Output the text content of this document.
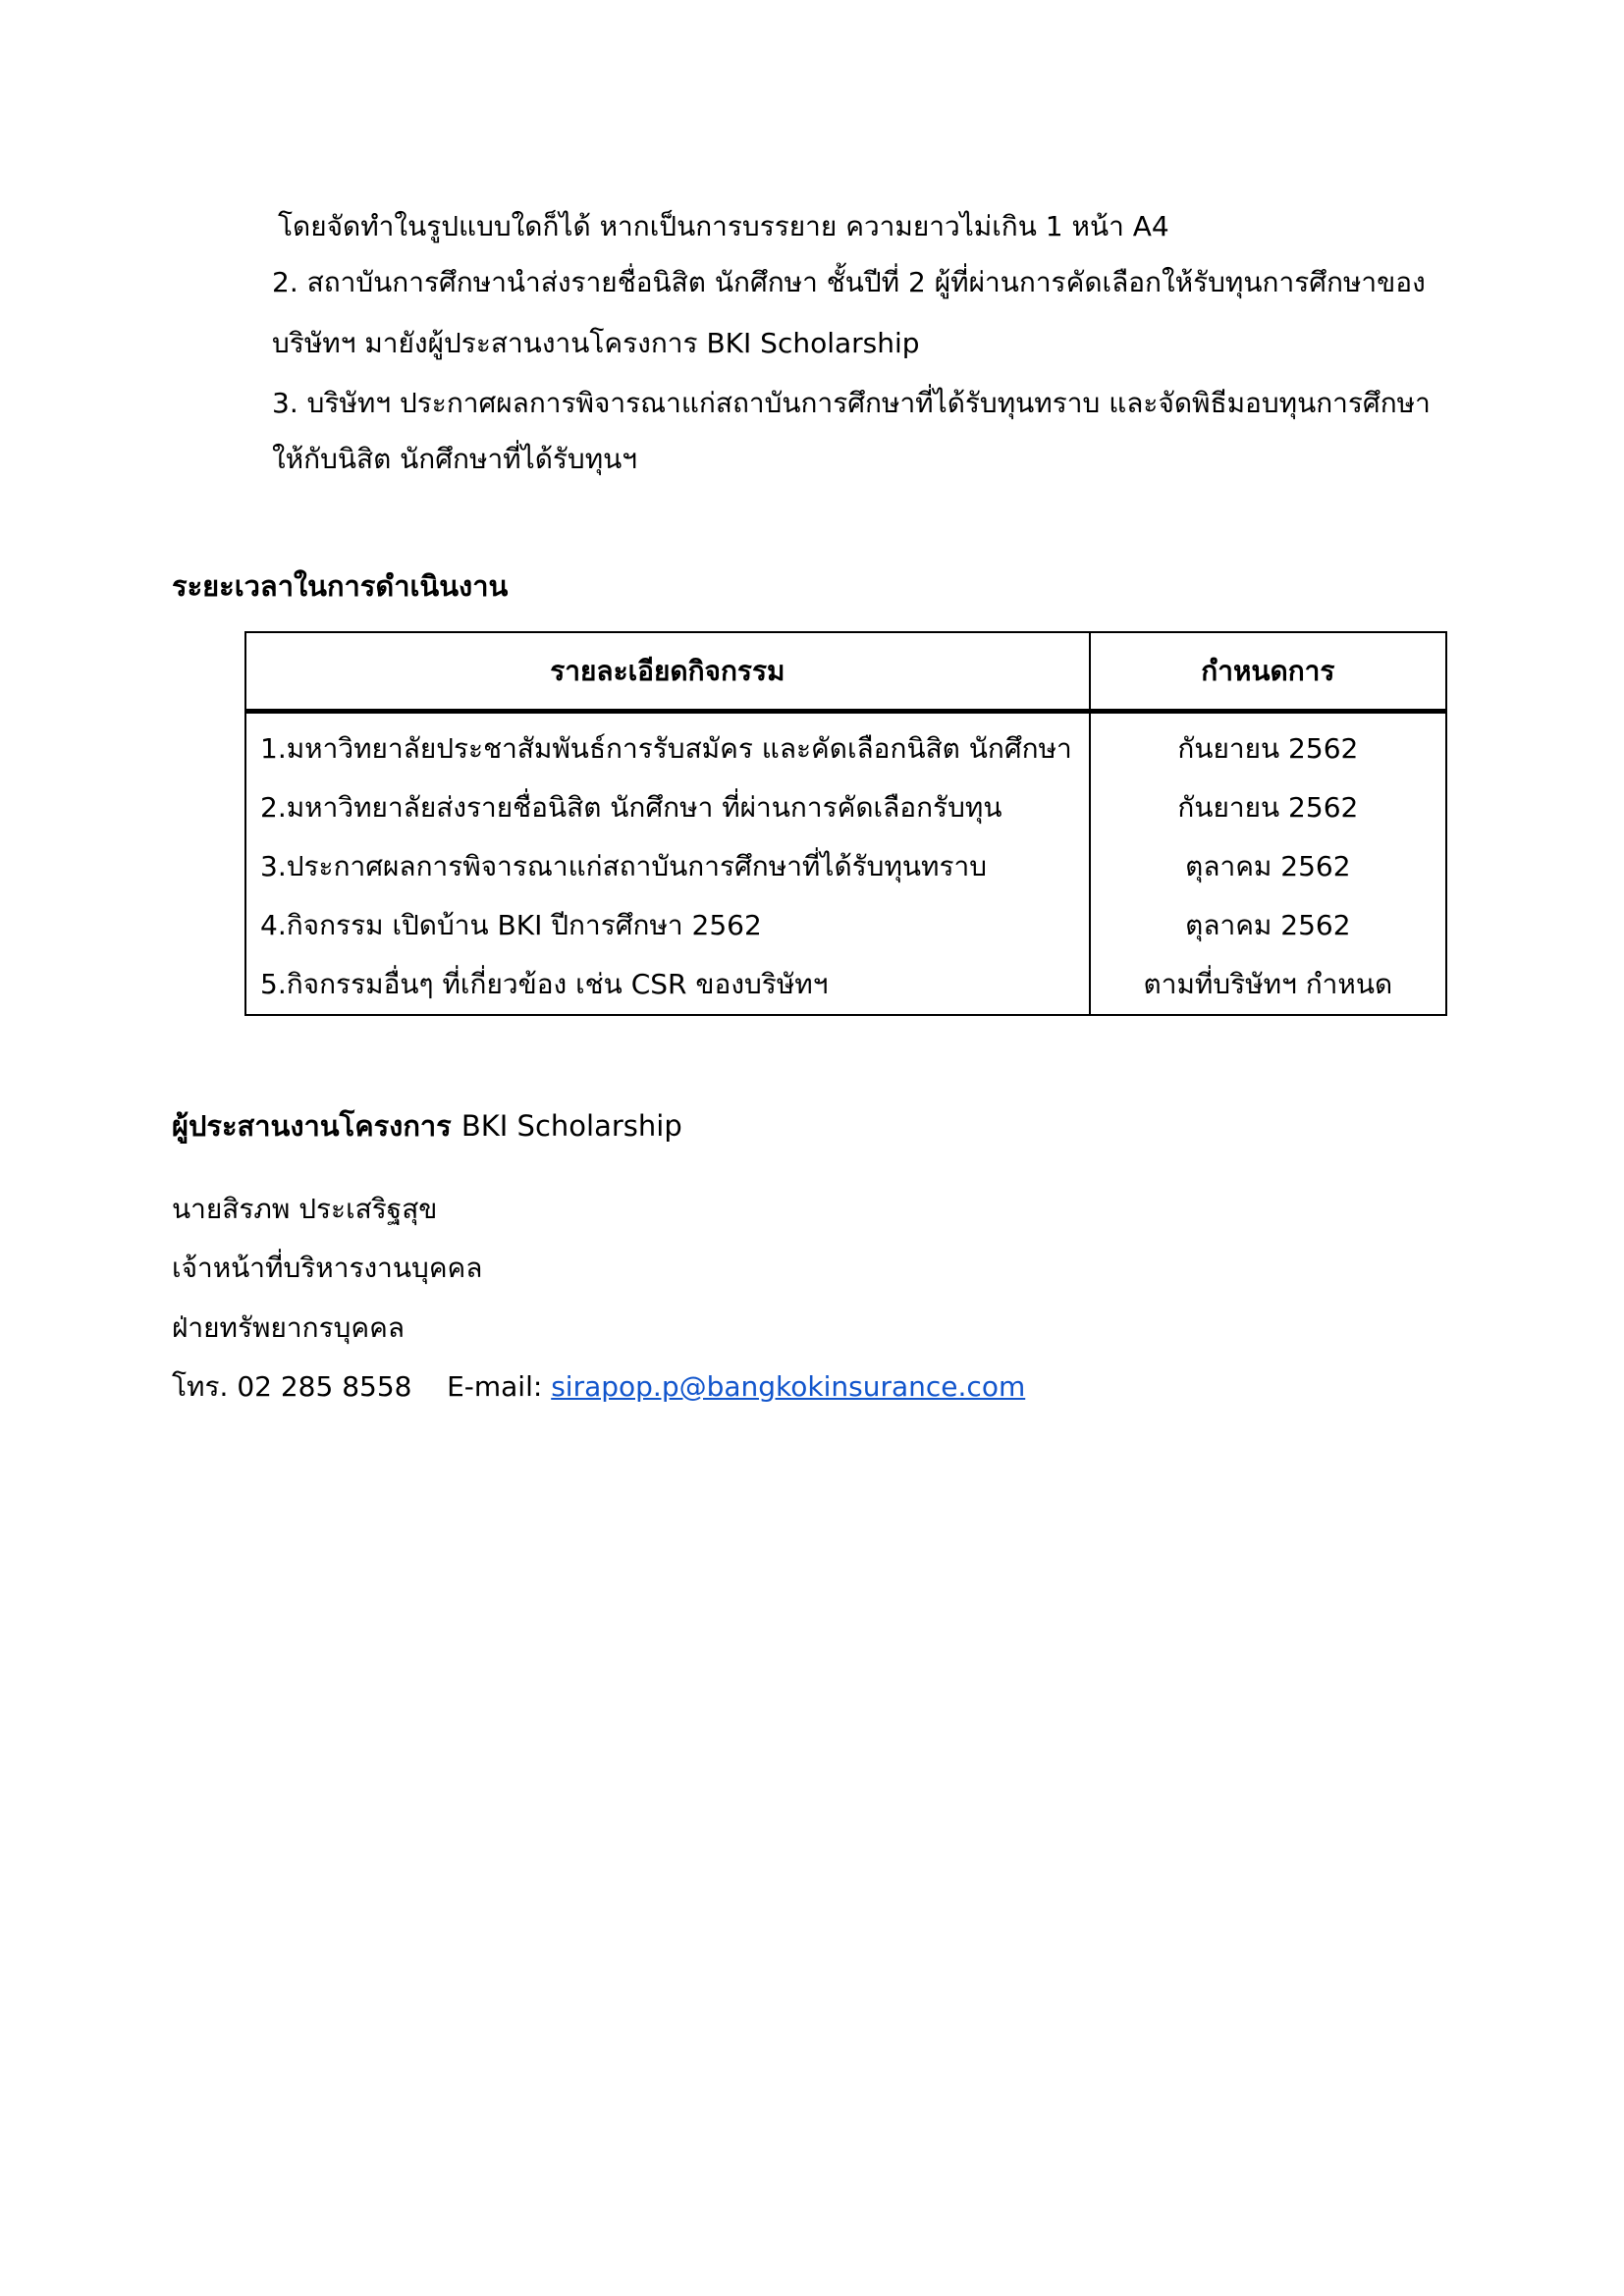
โดยจัดทำในรูปแบบใดก็ได้ หากเป็นการบรรยาย ความยาวไม่เกิน 1 หน้า A4
2. สถาบันการศึกษานำส่งรายชื่อนิสิต นักศึกษา ชั้นปีที่ 2 ผู้ที่ผ่านการคัดเลือกให้รับทุนการศึกษาของ
บริษัทฯ มายังผู้ประสานงานโครงการ BKI Scholarship
3. บริษัทฯ ประกาศผลการพิจารณาแก่สถาบันการศึกษาที่ได้รับทุนทราบ และจัดพิธีมอบทุนการศึกษา
ให้กับนิสิต นักศึกษาที่ได้รับทุนฯ
ระยะเวลาในการดำเนินงาน
รายละเอียดกิจกรรม	กำหนดการ
1.มหาวิทยาลัยประชาสัมพันธ์การรับสมัคร และคัดเลือกนิสิต นักศึกษา	กันยายน 2562
2.มหาวิทยาลัยส่งรายชื่อนิสิต นักศึกษา ที่ผ่านการคัดเลือกรับทุน	กันยายน 2562
3.ประกาศผลการพิจารณาแก่สถาบันการศึกษาที่ได้รับทุนทราบ	ตุลาคม 2562
4.กิจกรรม เปิดบ้าน BKI ปีการศึกษา 2562	ตุลาคม 2562
5.กิจกรรมอื่นๆ ที่เกี่ยวข้อง เช่น CSR ของบริษัทฯ	ตามที่บริษัทฯ กำหนด
ผู้ประสานงานโครงการ BKI Scholarship
นายสิรภพ ประเสริฐสุข
เจ้าหน้าที่บริหารงานบุคคล
ฝ่ายทรัพยากรบุคคล
โทร. 02 285 8558 E-mail: sirapop.p@bangkokinsurance.com
